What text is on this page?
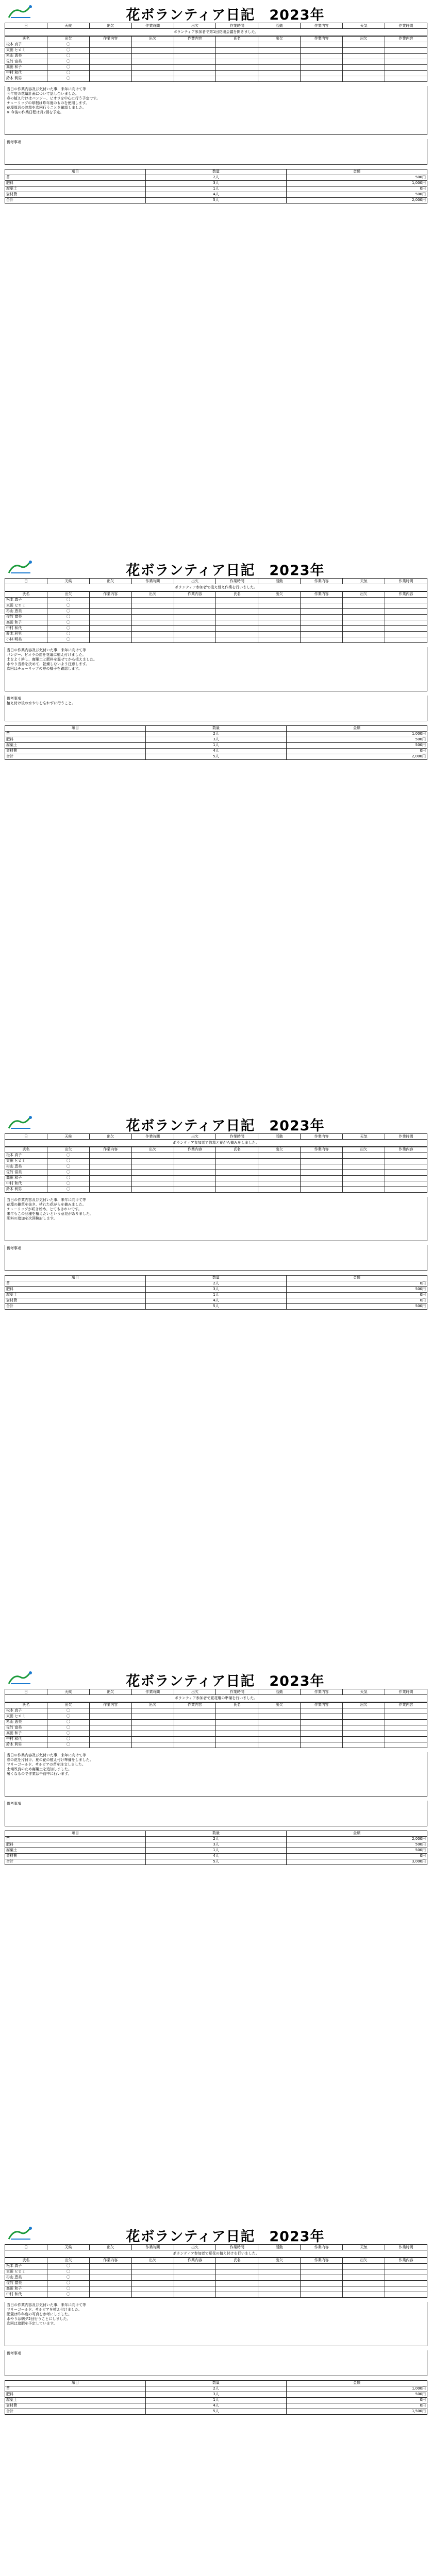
花ボランティア日記　2023年
日	天候	出欠	作業時間	出欠	作業時間	活動	作業内容	天気	作業時間
ポランティア参加者で第1回花壇会議を開きました。
氏名	出欠	作業内容	出欠	作業内容	氏名	出欠	作業内容	出欠	作業内容
松本 真子	〇								
東田 ヒロミ	〇								
杉山 恵美	〇								
佐竹 富美	〇								
高田 和子	〇								
中村 和代	〇								
鈴木 利男	〇								

当日の作業内容及び気付いた事、来年に向けて等

今年度の花壇計画について話し合いました。

春の植え付けはパンジー、ビオラを中心に行う予定です。

チューリップの球根は昨年度のものを使用します。

花壇周辺の除草を次回行うことを確認しました。

※ 今後の作業日程は月2回を予定。

備考事項

項目	数量	金額
苗	2人	500円
肥料	3人	1,000円
腐葉土	1人	0円
資材費	4人	500円
合計	5人	2,000円
花ボランティア日記　2023年
日	天候	出欠	作業時間	出欠	作業時間	活動	作業内容	天気	作業時間
ポランティア参加者で植え替え作業を行いました。
氏名	出欠	作業内容	出欠	作業内容	氏名	出欠	作業内容	出欠	作業内容
松本 真子	〇								
東田 ヒロミ	〇								
杉山 恵美	〇								
佐竹 富美	〇								
高田 和子	〇								
中村 和代	〇								
鈴木 利男	〇								
小林 明美	〇								

当日の作業内容及び気付いた事、来年に向けて等

パンジー、ビオラの苗を花壇に植え付けました。

土をよく耕し、腐葉土と肥料を混ぜてから植えました。

水やり当番を決めて、乾燥しないよう注意します。

次回はチューリップの芽の様子を確認します。

備考事項

植え付け後の水やりを忘れずに行うこと。

項目	数量	金額
苗	2人	1,000円
肥料	3人	500円
腐葉土	1人	500円
資材費	4人	0円
合計	5人	2,000円
花ボランティア日記　2023年
日	天候	出欠	作業時間	出欠	作業時間	活動	作業内容	天気	作業時間
ポランティア参加者で除草と花がら摘みをしました。
氏名	出欠	作業内容	出欠	作業内容	氏名	出欠	作業内容	出欠	作業内容
松本 真子	〇								
東田 ヒロミ	〇								
杉山 恵美	〇								
佐竹 富美	〇								
高田 和子	〇								
中村 和代	〇								
鈴木 利男	〇								

当日の作業内容及び気付いた事、来年に向けて等

花壇の雑草を抜き、枯れた花がらを摘みました。

チューリップが咲き始め、とてもきれいです。

来年もこの品種を植えたいという意見がありました。

肥料の追加を次回検討します。

備考事項

項目	数量	金額
苗	2人	0円
肥料	3人	500円
腐葉土	1人	0円
資材費	4人	0円
合計	5人	500円
花ボランティア日記　2023年
日	天候	出欠	作業時間	出欠	作業時間	活動	作業内容	天気	作業時間
ポランティア参加者で夏花壇の準備を行いました。
氏名	出欠	作業内容	出欠	作業内容	氏名	出欠	作業内容	出欠	作業内容
松本 真子	〇								
東田 ヒロミ	〇								
杉山 恵美	〇								
佐竹 富美	〇								
高田 和子	〇								
中村 和代	〇								
鈴木 利男	〇								

当日の作業内容及び気付いた事、来年に向けて等

春の花を片付け、夏の花の植え付け準備をしました。

マリーゴールド、サルビアの苗を注文しました。

土壌改良のため腐葉土を追加しました。

暑くなるので作業は午前中に行います。

備考事項

項目	数量	金額
苗	2人	2,000円
肥料	3人	500円
腐葉土	1人	500円
資材費	4人	0円
合計	5人	3,000円
花ボランティア日記　2023年
日	天候	出欠	作業時間	出欠	作業時間	活動	作業内容	天気	作業時間
ポランティア参加者で夏花の植え付けを行いました。
氏名	出欠	作業内容	出欠	作業内容	氏名	出欠	作業内容	出欠	作業内容
松本 真子	〇								
東田 ヒロミ	〇								
杉山 恵美	〇								
佐竹 富美	〇								
高田 和子	〇								
中村 和代	〇								

当日の作業内容及び気付いた事、来年に向けて等

マリーゴールド、サルビアを植え付けました。

配置は昨年度の写真を参考にしました。

水やりは朝夕2回行うことにしました。

次回は追肥を予定しています。

備考事項

項目	数量	金額
苗	2人	1,000円
肥料	3人	500円
腐葉土	1人	0円
資材費	4人	0円
合計	5人	1,500円
